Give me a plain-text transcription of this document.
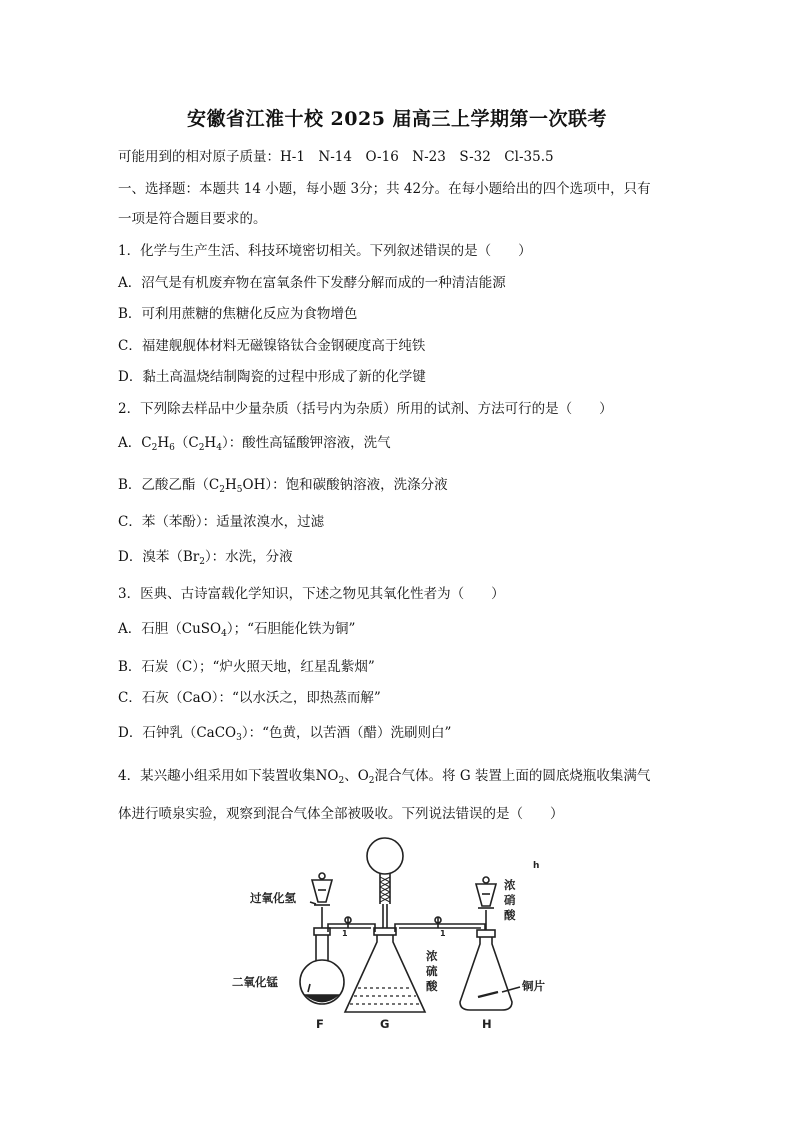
安徽省江淮十校 2025 届高三上学期第一次联考
可能用到的相对原子质量：H-1　N-14　O-16　N-23　S-32　Cl-35.5
一、选择题：本题共 14 小题，每小题 3分；共 42分。在每小题给出的四个选项中，只有
一项是符合题目要求的。
1．化学与生产生活、科技环境密切相关。下列叙述错误的是（　　）
A．沼气是有机废弃物在富氧条件下发酵分解而成的一种清洁能源
B．可利用蔗糖的焦糖化反应为食物增色
C．福建舰舰体材料无磁镍铬钛合金钢硬度高于纯铁
D．黏土高温烧结制陶瓷的过程中形成了新的化学键
2．下列除去样品中少量杂质（括号内为杂质）所用的试剂、方法可行的是（　　）
A．$C_2H_6(C_2H_4)$：酸性高锰酸钾溶液，洗气
B．乙酸乙酯$(C_2H_5OH)$：饱和碳酸钠溶液，洗涤分液
C．苯（苯酚）：适量浓溴水，过滤
D．溴苯$(Br_2)$：水洗，分液
3．医典、古诗富载化学知识，下述之物见其氧化性者为（　　）
A．石胆（CuSO$_4$）；“石胆能化铁为铜”
B．石炭（C）；“炉火照天地，红星乱紫烟”
C．石灰（CaO）：“以水沃之，即热蒸而解”
D．石钟乳（CaCO$_3$）：“色黄，以苦酒（醋）洗刷则白”
4．某兴趣小组采用如下装置收集$NO_2$、$O_2$混合气体。将 G 装置上面的圆底烧瓶收集满气
体进行喷泉实验，观察到混合气体全部被吸收。下列说法错误的是（　　）
过氧化氢
二氧化锰
浓
硫
酸
浓
硝
酸
铜片
F	G	H
1	1
h
